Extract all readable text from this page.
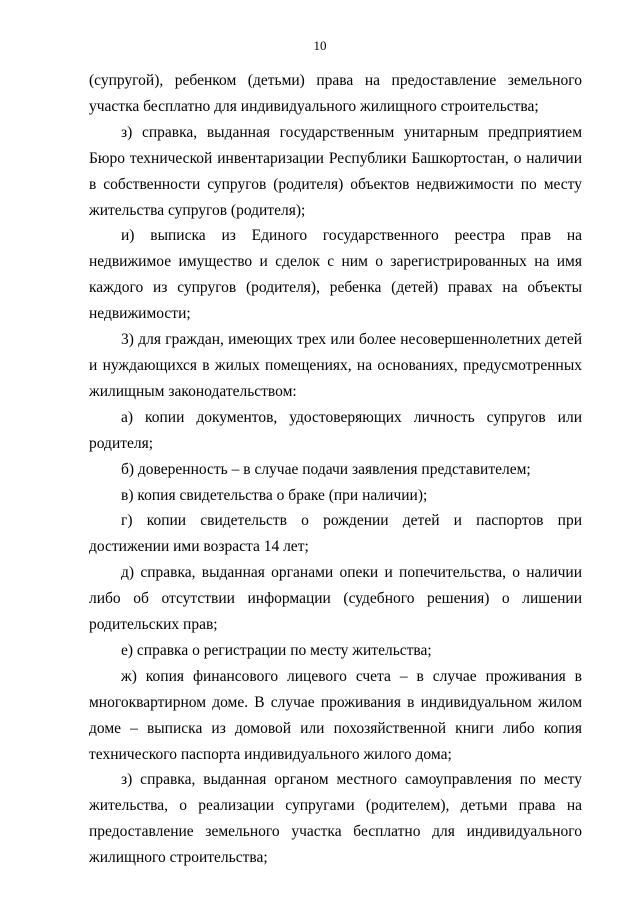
10

(супругой), ребенком (детьми) права на предоставление земельного участка бесплатно для индивидуального жилищного строительства;

з) справка, выданная государственным унитарным предприятием Бюро технической инвентаризации Республики Башкортостан, о наличии в собственности супругов (родителя) объектов недвижимости по месту жительства супругов (родителя);

и) выписка из Единого государственного реестра прав на недвижимое имущество и сделок с ним о зарегистрированных на имя каждого из супругов (родителя), ребенка (детей) правах на объекты недвижимости;

3) для граждан, имеющих трех или более несовершеннолетних детей и нуждающихся в жилых помещениях, на основаниях, предусмотренных жилищным законодательством:

а) копии документов, удостоверяющих личность супругов или родителя;

б) доверенность – в случае подачи заявления представителем;

в) копия свидетельства о браке (при наличии);

г) копии свидетельств о рождении детей и паспортов при достижении ими возраста 14 лет;

д) справка, выданная органами опеки и попечительства, о наличии либо об отсутствии информации (судебного решения) о лишении родительских прав;

е) справка о регистрации по месту жительства;

ж) копия финансового лицевого счета – в случае проживания в многоквартирном доме. В случае проживания в индивидуальном жилом доме – выписка из домовой или похозяйственной книги либо копия технического паспорта индивидуального жилого дома;

з) справка, выданная органом местного самоуправления по месту жительства, о реализации супругами (родителем), детьми права на предоставление земельного участка бесплатно для индивидуального жилищного строительства;
